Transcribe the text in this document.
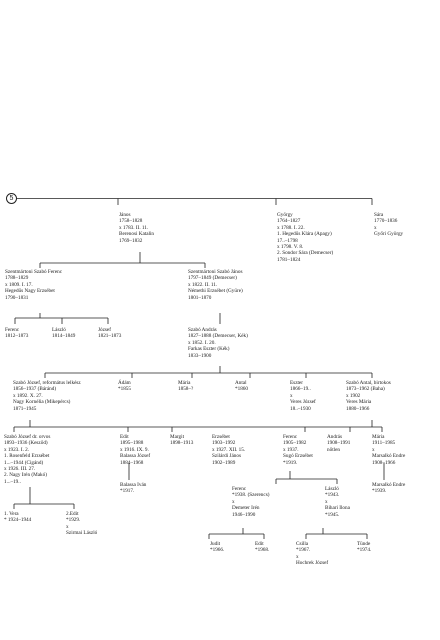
5
János
1758–1828
x 1783. II. 11.
Berenosi Katalin
1769–1832
György
1764–1827
x 1788. I. 22.
1. Hegedűs Klára (Apagy)
17..–1798
x 1798. V. 8.
2. Sondor Sára (Demecser)
1781–1824
Sára
1770–1836
x
Győri György
Szentmártoni Szabó Ferenc
1788–1829
x 1809. I. 17.
Hegedűs Nagy Erzsébet
1790–1831
Szentmártoni Szabó János
1797–1849 (Demecser)
x 1822. II. 11.
Némethi Erzsébet (Gyüre)
1801–1870
Ferenc
1812–1873
László
1814–1849
József
1821–1873
Szabó András
1827–1888 (Demecser, Kék)
x 1852. I. 20.
Farkas Eszter (Kék)
1833–1900
Szabó József, református lelkész
1856–1937 (Báránd)
x 1892. X. 27.
Nagy Kornélia (Mikepércs)
1871–1945
Ádám
*1855
Mária
1858–?
Antal
*1860
Eszter
1866–19..
x
Veres József
18..–1930
Szabó Antal, birtokos
1873–1962 (Baha)
x 1902
Veres Mária
1880–1966
Szabó József dr. orvos
1893–1936 (Kesződ)
x 1923. I. 2.
1. Rosenfeld Erzsébet
1...–1944 (Cigánd)
x 1926. III. 27.
2. Nagy Irén (Makó)
1...–19..
Edit
1895–1988
x 1916. IX. 9.
Balassa József
1884–1968
Margit
1898–1913
Erzsébet
1903–1992
x 1927. XII. 15.
Szilárdi János
1902–1989
Ferenc
1905–1982
x 1937.
Sugó Erzsébet
*1919.
András
1908–1991
nőtlen
Mária
1911–1985
x
Marsalkó Endre
1908–1966
1. Vera
* 1924–1944
2.Edit
*1929.
x
Szirmai László
Balassa Iván
*1917.	Ferenc
*1938. (Szerencs)
x
Demeter Irén
1946–1990
László
*1943.
x
Bihari Ilona
*1945.
Marsalkó Endre
*1939.
Judit
*1966.
Edit
*1968.
Csilla
*1967.
x
Hochrek József
Tünde
*1974.
